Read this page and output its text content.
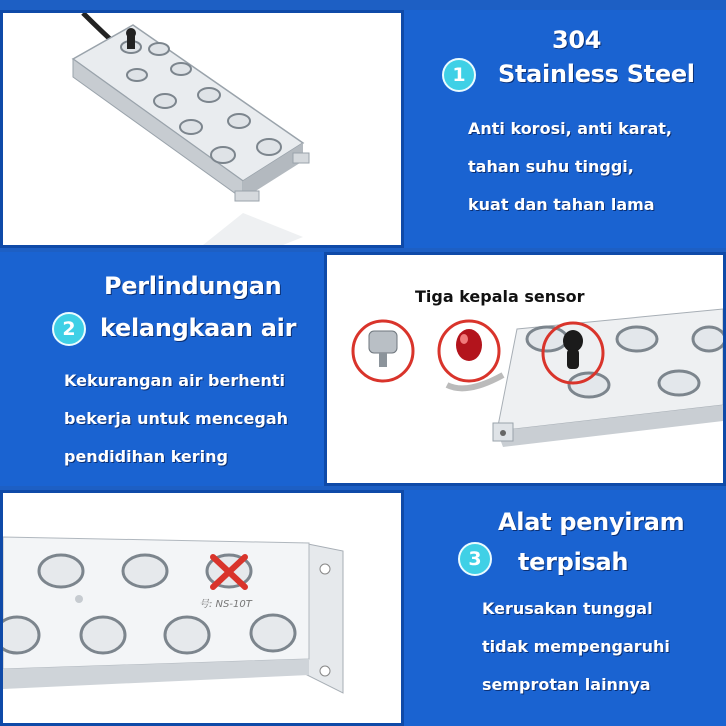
1
304
Stainless Steel
Anti korosi, anti karat,
tahan suhu tinggi,
kuat dan tahan lama
Perlindungan
2	kelangkaan air
Kekurangan air berhenti
bekerja untuk mencegah
pendidihan kering
Tiga kepala sensor
号: NS-10T
Alat penyiram
3	terpisah
Kerusakan tunggal
tidak mempengaruhi
semprotan lainnya
